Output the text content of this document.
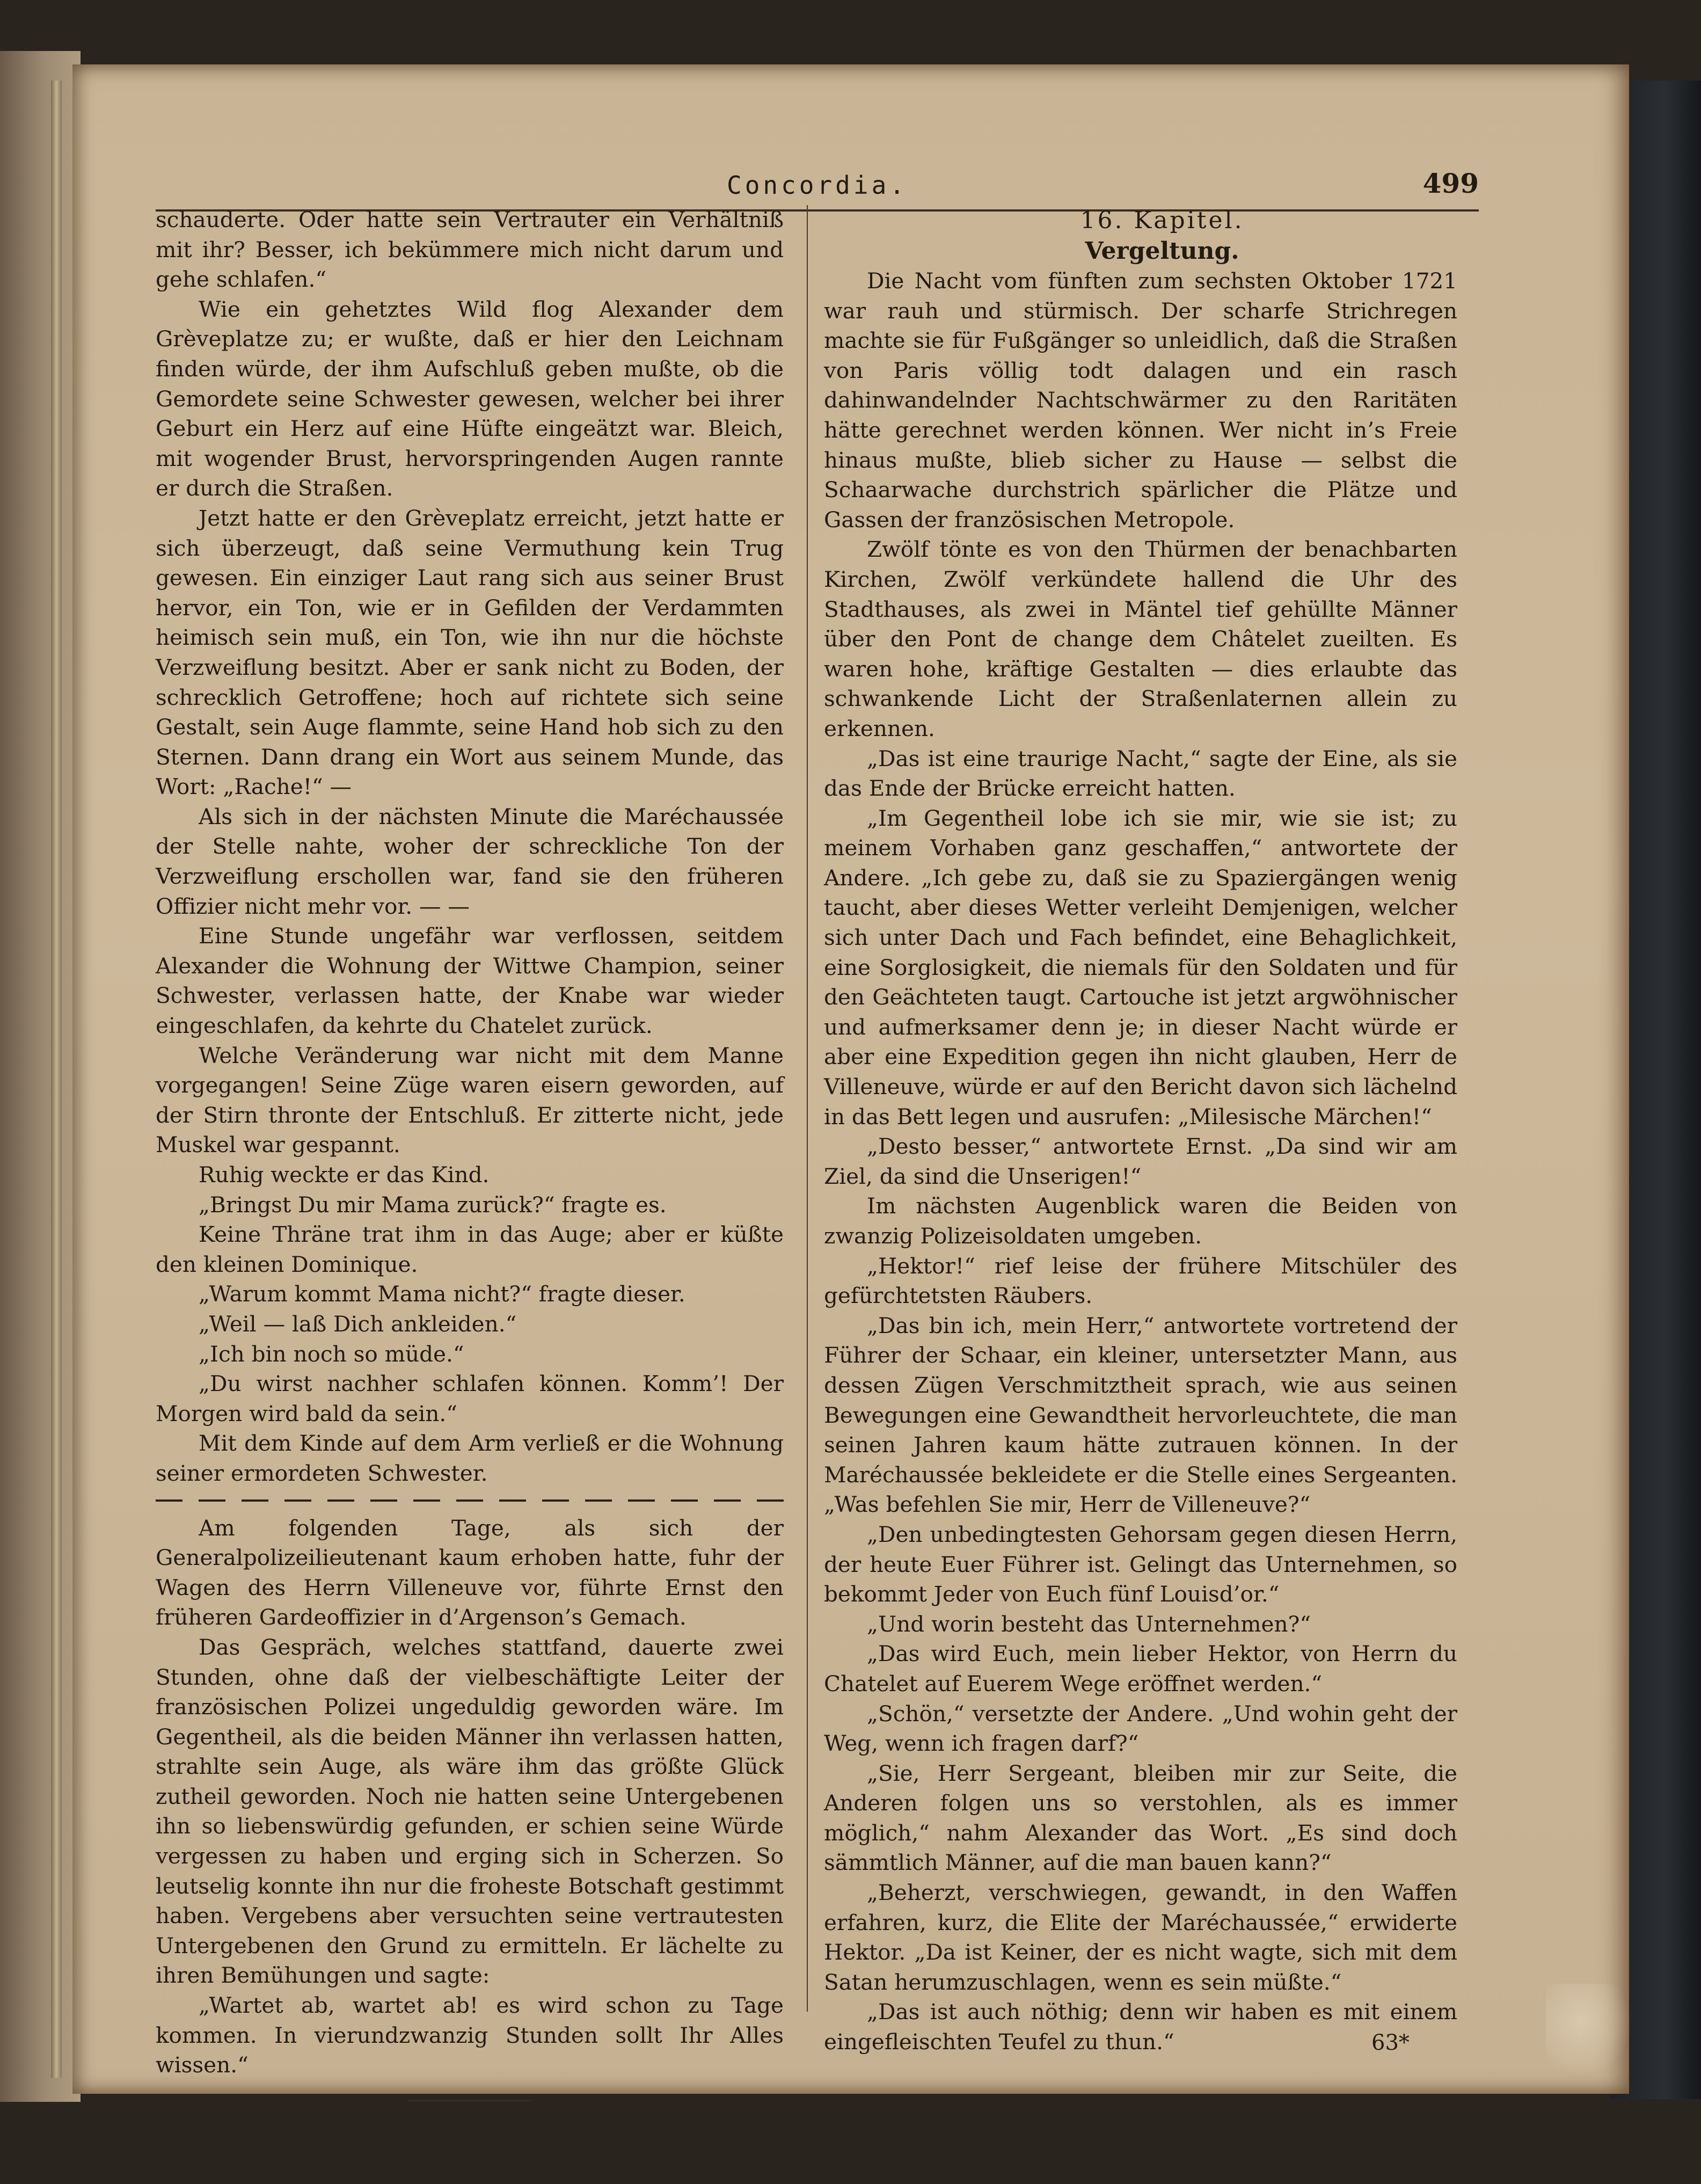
Concordia.	499

schauderte. Oder hatte sein Vertrauter ein Verhältniß mit ihr? Besser, ich bekümmere mich nicht darum und gehe schlafen.“

Wie ein gehetztes Wild flog Alexander dem Grèveplatze zu; er wußte, daß er hier den Leichnam finden würde, der ihm Aufschluß geben mußte, ob die Gemordete seine Schwester gewesen, welcher bei ihrer Geburt ein Herz auf eine Hüfte eingeätzt war. Bleich, mit wogender Brust, hervorspringenden Augen rannte er durch die Straßen.

Jetzt hatte er den Grèveplatz erreicht, jetzt hatte er sich überzeugt, daß seine Vermuthung kein Trug gewesen. Ein einziger Laut rang sich aus seiner Brust hervor, ein Ton, wie er in Gefilden der Verdammten heimisch sein muß, ein Ton, wie ihn nur die höchste Verzweiflung besitzt. Aber er sank nicht zu Boden, der schrecklich Getroffene; hoch auf richtete sich seine Gestalt, sein Auge flammte, seine Hand hob sich zu den Sternen. Dann drang ein Wort aus seinem Munde, das Wort: „Rache!“ —

Als sich in der nächsten Minute die Maréchaussée der Stelle nahte, woher der schreckliche Ton der Verzweiflung erschollen war, fand sie den früheren Offizier nicht mehr vor. — —

Eine Stunde ungefähr war verflossen, seitdem Alexander die Wohnung der Wittwe Champion, seiner Schwester, verlassen hatte, der Knabe war wieder eingeschlafen, da kehrte du Chatelet zurück.

Welche Veränderung war nicht mit dem Manne vorgegangen! Seine Züge waren eisern geworden, auf der Stirn thronte der Entschluß. Er zitterte nicht, jede Muskel war gespannt.

Ruhig weckte er das Kind.

„Bringst Du mir Mama zurück?“ fragte es.

Keine Thräne trat ihm in das Auge; aber er küßte den kleinen Dominique.

„Warum kommt Mama nicht?“ fragte dieser.

„Weil — laß Dich ankleiden.“

„Ich bin noch so müde.“

„Du wirst nachher schlafen können. Komm’! Der Morgen wird bald da sein.“

Mit dem Kinde auf dem Arm verließ er die Wohnung seiner ermordeten Schwester.

Am folgenden Tage, als sich der Generalpolizeilieutenant kaum erhoben hatte, fuhr der Wagen des Herrn Villeneuve vor, führte Ernst den früheren Gardeoffizier in d’Argenson’s Gemach.

Das Gespräch, welches stattfand, dauerte zwei Stunden, ohne daß der vielbeschäftigte Leiter der französischen Polizei ungeduldig geworden wäre. Im Gegentheil, als die beiden Männer ihn verlassen hatten, strahlte sein Auge, als wäre ihm das größte Glück zutheil geworden. Noch nie hatten seine Untergebenen ihn so liebenswürdig gefunden, er schien seine Würde vergessen zu haben und erging sich in Scherzen. So leutselig konnte ihn nur die froheste Botschaft gestimmt haben. Vergebens aber versuchten seine vertrautesten Untergebenen den Grund zu ermitteln. Er lächelte zu ihren Bemühungen und sagte:

„Wartet ab, wartet ab! es wird schon zu Tage kommen. In vierundzwanzig Stunden sollt Ihr Alles wissen.“

16. Kapitel.

Vergeltung.

Die Nacht vom fünften zum sechsten Oktober 1721 war rauh und stürmisch. Der scharfe Strichregen machte sie für Fußgänger so unleidlich, daß die Straßen von Paris völlig todt dalagen und ein rasch dahinwandelnder Nachtschwärmer zu den Raritäten hätte gerechnet werden können. Wer nicht in’s Freie hinaus mußte, blieb sicher zu Hause — selbst die Schaarwache durchstrich spärlicher die Plätze und Gassen der französischen Metropole.

Zwölf tönte es von den Thürmen der benachbarten Kirchen, Zwölf verkündete hallend die Uhr des Stadthauses, als zwei in Mäntel tief gehüllte Männer über den Pont de change dem Châtelet zueilten. Es waren hohe, kräftige Gestalten — dies erlaubte das schwankende Licht der Straßenlaternen allein zu erkennen.

„Das ist eine traurige Nacht,“ sagte der Eine, als sie das Ende der Brücke erreicht hatten.

„Im Gegentheil lobe ich sie mir, wie sie ist; zu meinem Vorhaben ganz geschaffen,“ antwortete der Andere. „Ich gebe zu, daß sie zu Spaziergängen wenig taucht, aber dieses Wetter verleiht Demjenigen, welcher sich unter Dach und Fach befindet, eine Behaglichkeit, eine Sorglosigkeit, die niemals für den Soldaten und für den Geächteten taugt. Cartouche ist jetzt argwöhnischer und aufmerksamer denn je; in dieser Nacht würde er aber eine Expedition gegen ihn nicht glauben, Herr de Villeneuve, würde er auf den Bericht davon sich lächelnd in das Bett legen und ausrufen: „Milesische Märchen!“

„Desto besser,“ antwortete Ernst. „Da sind wir am Ziel, da sind die Unserigen!“

Im nächsten Augenblick waren die Beiden von zwanzig Polizeisoldaten umgeben.

„Hektor!“ rief leise der frühere Mitschüler des gefürchtetsten Räubers.

„Das bin ich, mein Herr,“ antwortete vortretend der Führer der Schaar, ein kleiner, untersetzter Mann, aus dessen Zügen Verschmitztheit sprach, wie aus seinen Bewegungen eine Gewandtheit hervorleuchtete, die man seinen Jahren kaum hätte zutrauen können. In der Maréchaussée bekleidete er die Stelle eines Sergeanten. „Was befehlen Sie mir, Herr de Villeneuve?“

„Den unbedingtesten Gehorsam gegen diesen Herrn, der heute Euer Führer ist. Gelingt das Unternehmen, so bekommt Jeder von Euch fünf Louisd’or.“

„Und worin besteht das Unternehmen?“

„Das wird Euch, mein lieber Hektor, von Herrn du Chatelet auf Euerem Wege eröffnet werden.“

„Schön,“ versetzte der Andere. „Und wohin geht der Weg, wenn ich fragen darf?“

„Sie, Herr Sergeant, bleiben mir zur Seite, die Anderen folgen uns so verstohlen, als es immer möglich,“ nahm Alexander das Wort. „Es sind doch sämmtlich Männer, auf die man bauen kann?“

„Beherzt, verschwiegen, gewandt, in den Waffen erfahren, kurz, die Elite der Maréchaussée,“ erwiderte Hektor. „Da ist Keiner, der es nicht wagte, sich mit dem Satan herumzuschlagen, wenn es sein müßte.“

„Das ist auch nöthig; denn wir haben es mit einem eingefleischten Teufel zu thun.“	63*
